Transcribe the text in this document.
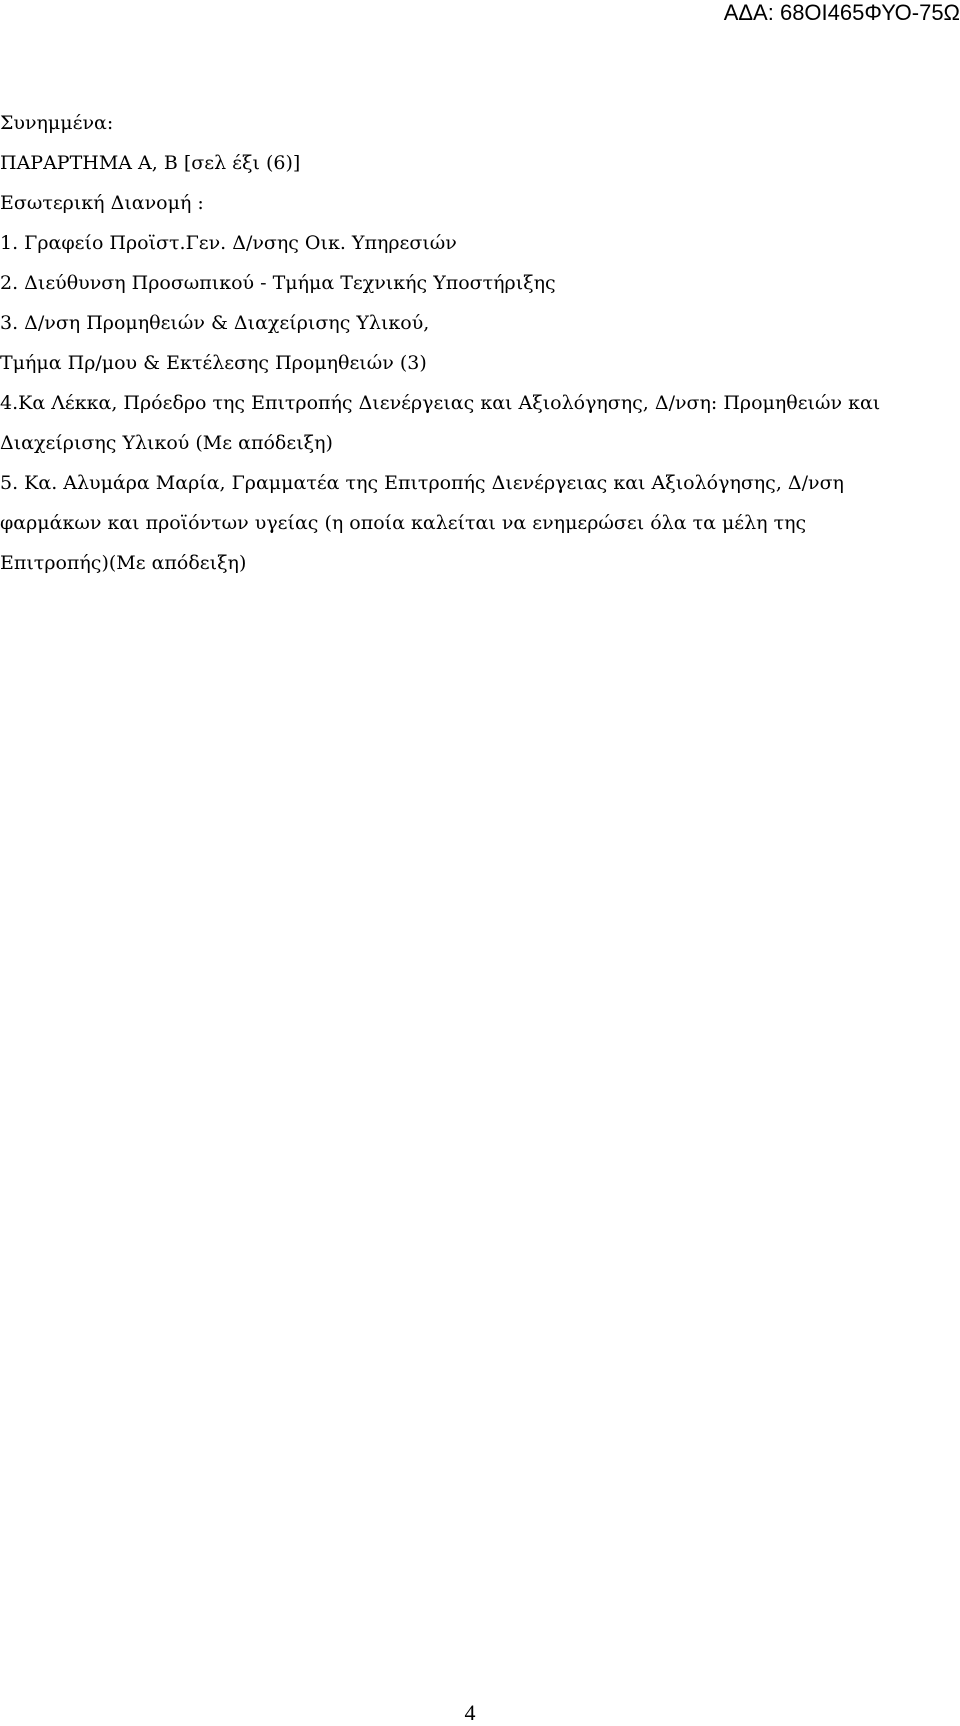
ΑΔΑ: 68ΟΙ465ΦΥΟ-75Ω
Συνημμένα:
ΠΑΡΑΡΤΗΜΑ Α, Β [σελ έξι (6)]
Εσωτερική Διανομή :
1. Γραφείο Προϊστ.Γεν. Δ/νσης Οικ. Υπηρεσιών
2. Διεύθυνση Προσωπικού - Τμήμα Τεχνικής Υποστήριξης
3. Δ/νση Προμηθειών & Διαχείρισης Υλικού,
Τμήμα Πρ/μου & Εκτέλεσης Προμηθειών (3)
4.Κα Λέκκα, Πρόεδρο της Επιτροπής Διενέργειας και Αξιολόγησης, Δ/νση: Προμηθειών και
Διαχείρισης Υλικού (Με απόδειξη)
5. Κα. Αλυμάρα Μαρία, Γραμματέα της Επιτροπής Διενέργειας και Αξιολόγησης, Δ/νση
φαρμάκων και προϊόντων υγείας (η οποία καλείται να ενημερώσει όλα τα μέλη της
Επιτροπής)(Με απόδειξη)
4
